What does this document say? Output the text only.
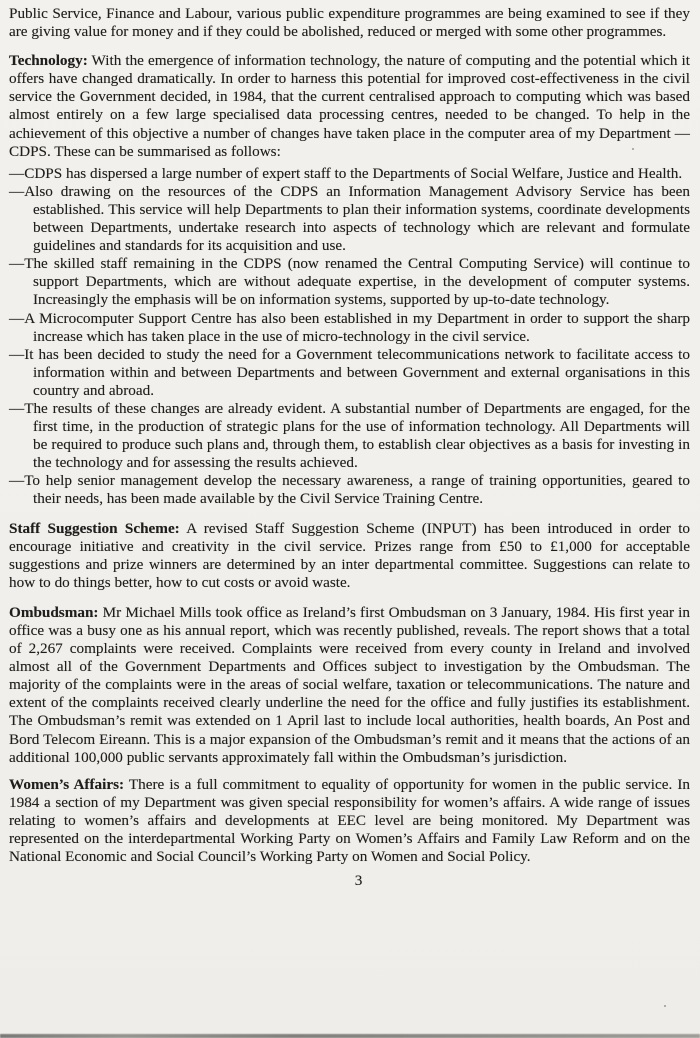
Public Service, Finance and Labour, various public expenditure programmes are being examined to see if they are giving value for money and if they could be abolished, reduced or merged with some other programmes.

Technology: With the emergence of information technology, the nature of computing and the potential which it offers have changed dramatically. In order to harness this potential for improved cost-effectiveness in the civil service the Government decided, in 1984, that the current centralised approach to computing which was based almost entirely on a few large specialised data processing centres, needed to be changed. To help in the achievement of this objective a number of changes have taken place in the computer area of my Department — CDPS. These can be summarised as follows:

—CDPS has dispersed a large number of expert staff to the Departments of Social Welfare, Justice and Health.
—Also drawing on the resources of the CDPS an Information Management Advisory Service has been established. This service will help Departments to plan their information systems, coordinate developments between Departments, undertake research into aspects of technology which are relevant and formulate guidelines and standards for its acquisition and use.
—The skilled staff remaining in the CDPS (now renamed the Central Computing Service) will continue to support Departments, which are without adequate expertise, in the development of computer systems. Increasingly the emphasis will be on information systems, supported by up-to-date technology.
—A Microcomputer Support Centre has also been established in my Department in order to support the sharp increase which has taken place in the use of micro-technology in the civil service.
—It has been decided to study the need for a Government telecommunications network to facilitate access to information within and between Departments and between Government and external organisations in this country and abroad.
—The results of these changes are already evident. A substantial number of Departments are engaged, for the first time, in the production of strategic plans for the use of information technology. All Departments will be required to produce such plans and, through them, to establish clear objectives as a basis for investing in the technology and for assessing the results achieved.
—To help senior management develop the necessary awareness, a range of training opportunities, geared to their needs, has been made available by the Civil Service Training Centre.

Staff Suggestion Scheme: A revised Staff Suggestion Scheme (INPUT) has been introduced in order to encourage initiative and creativity in the civil service. Prizes range from £50 to £1,000 for acceptable suggestions and prize winners are determined by an inter departmental committee. Suggestions can relate to how to do things better, how to cut costs or avoid waste.

Ombudsman: Mr Michael Mills took office as Ireland’s first Ombudsman on 3 January, 1984. His first year in office was a busy one as his annual report, which was recently published, reveals. The report shows that a total of 2,267 complaints were received. Complaints were received from every county in Ireland and involved almost all of the Government Departments and Offices subject to investigation by the Ombudsman. The majority of the complaints were in the areas of social welfare, taxation or telecommunications. The nature and extent of the complaints received clearly underline the need for the office and fully justifies its establishment. The Ombudsman’s remit was extended on 1 April last to include local authorities, health boards, An Post and Bord Telecom Eireann. This is a major expansion of the Ombudsman’s remit and it means that the actions of an additional 100,000 public servants approximately fall within the Ombudsman’s jurisdiction.

Women’s Affairs: There is a full commitment to equality of opportunity for women in the public service. In 1984 a section of my Department was given special responsibility for women’s affairs. A wide range of issues relating to women’s affairs and developments at EEC level are being monitored. My Department was represented on the interdepartmental Working Party on Women’s Affairs and Family Law Reform and on the National Economic and Social Council’s Working Party on Women and Social Policy.

3
